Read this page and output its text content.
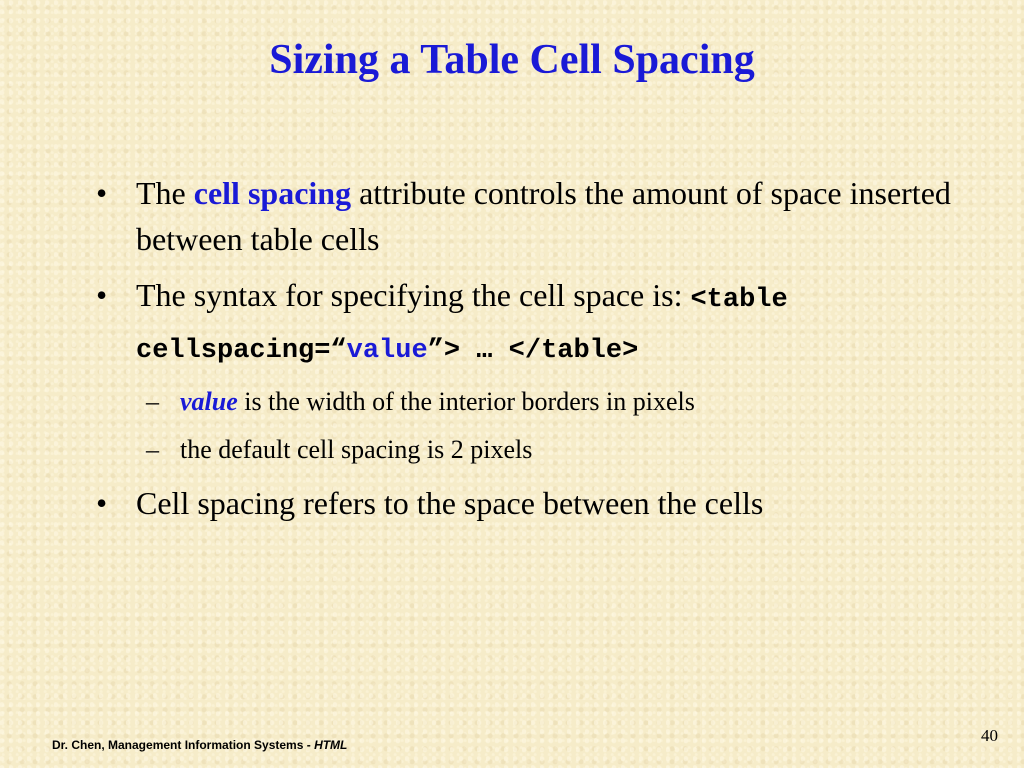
Sizing a Table Cell Spacing
• The cell spacing attribute controls the amount of space inserted between table cells
• The syntax for specifying the cell space is: <table cellspacing=“value”> … </table>
– value is the width of the interior borders in pixels
– the default cell spacing is 2 pixels
• Cell spacing refers to the space between the cells
Dr. Chen, Management Information Systems - HTML	40
